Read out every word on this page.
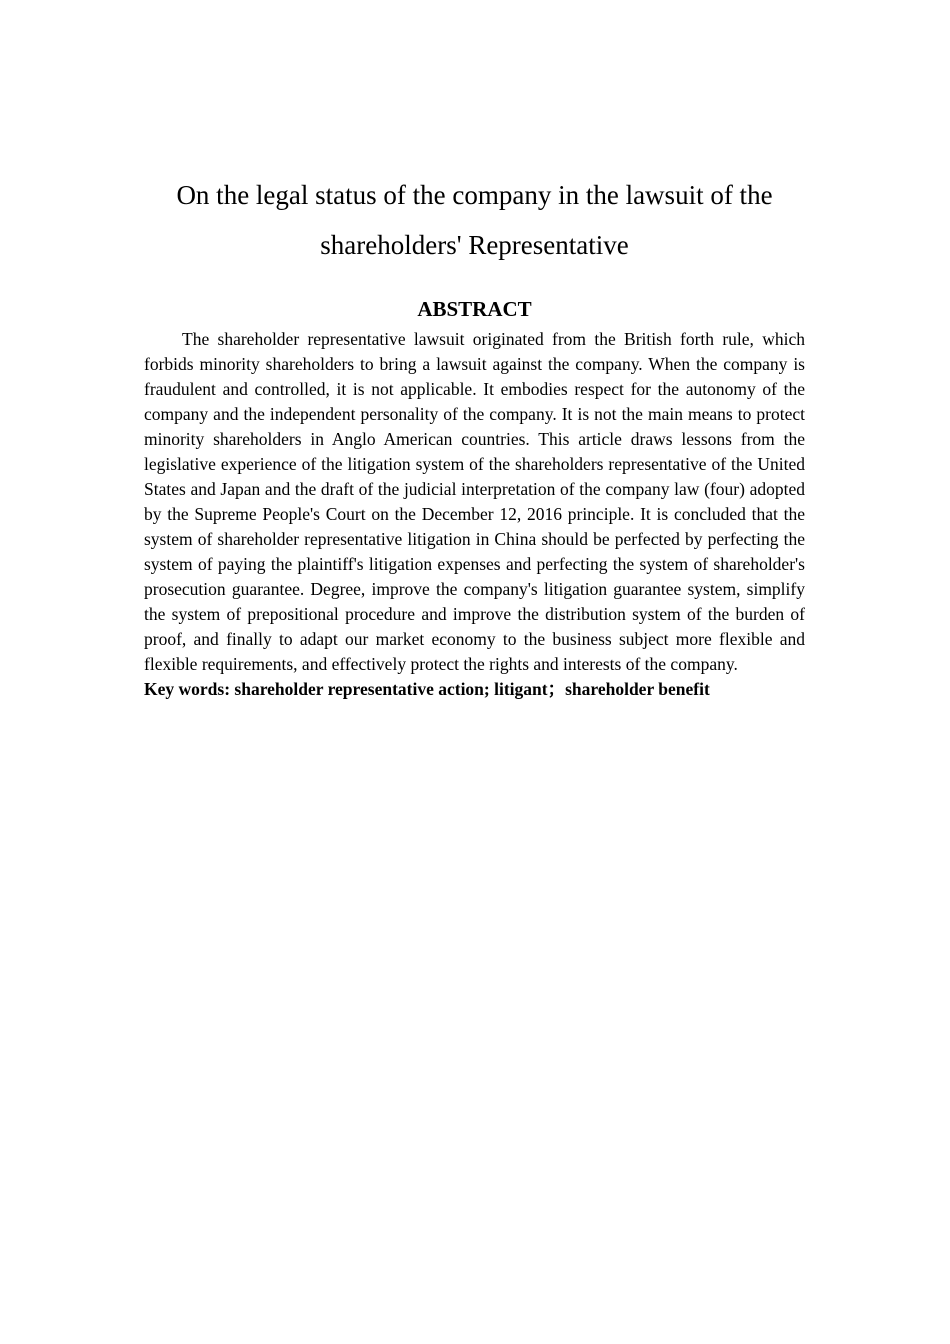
On the legal status of the company in the lawsuit of the shareholders' Representative
ABSTRACT

The shareholder representative lawsuit originated from the British forth rule, which forbids minority shareholders to bring a lawsuit against the company. When the company is fraudulent and controlled, it is not applicable. It embodies respect for the autonomy of the company and the independent personality of the company. It is not the main means to protect minority shareholders in Anglo American countries. This article draws lessons from the legislative experience of the litigation system of the shareholders representative of the United States and Japan and the draft of the judicial interpretation of the company law (four) adopted by the Supreme People's Court on the December 12, 2016 principle. It is concluded that the system of shareholder representative litigation in China should be perfected by perfecting the system of paying the plaintiff's litigation expenses and perfecting the system of shareholder's prosecution guarantee. Degree, improve the company's litigation guarantee system, simplify the system of prepositional procedure and improve the distribution system of the burden of proof, and finally to adapt our market economy to the business subject more flexible and flexible requirements, and effectively protect the rights and interests of the company.

Key words: shareholder representative action; litigant；shareholder benefit
